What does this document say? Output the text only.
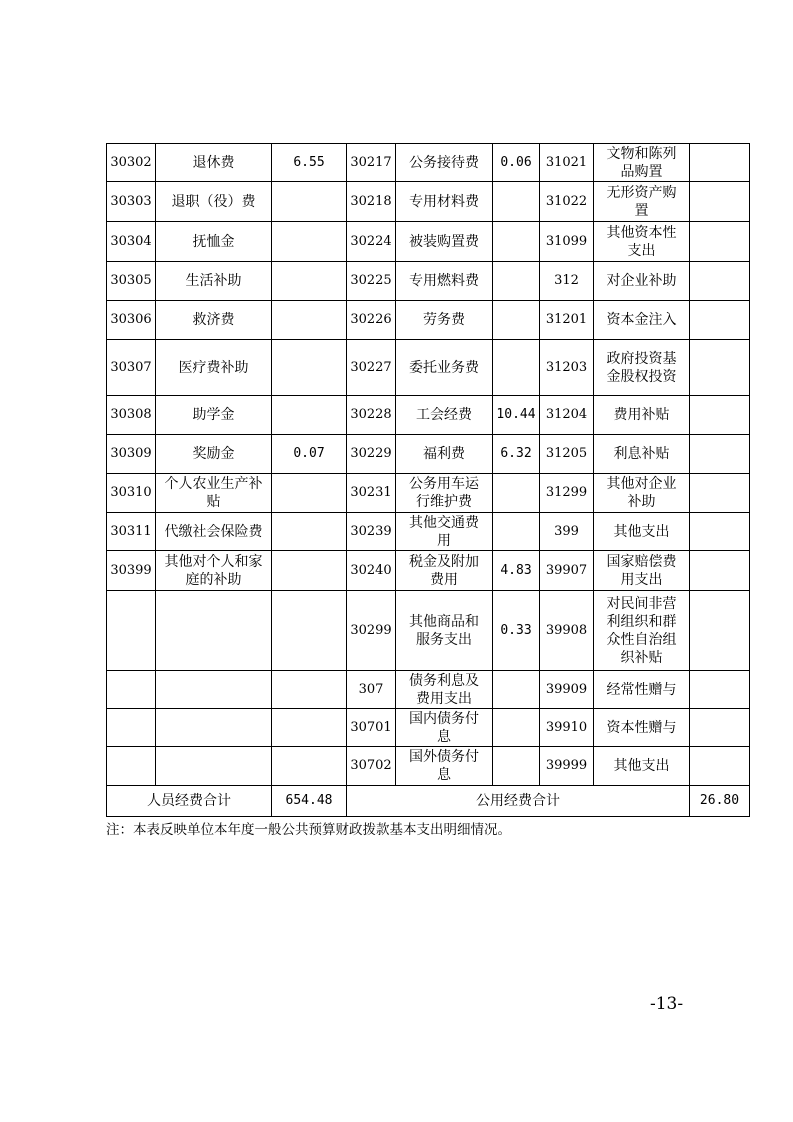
30302	退休费	6.55	30217	公务接待费	0.06	31021	文物和陈列品购置	
30303	退职（役）费		30218	专用材料费		31022	无形资产购置	
30304	抚恤金		30224	被装购置费		31099	其他资本性支出	
30305	生活补助		30225	专用燃料费		312	对企业补助	
30306	救济费		30226	劳务费		31201	资本金注入	
30307	医疗费补助		30227	委托业务费		31203	政府投资基金股权投资	
30308	助学金		30228	工会经费	10.44	31204	费用补贴	
30309	奖励金	0.07	30229	福利费	6.32	31205	利息补贴	
30310	个人农业生产补贴		30231	公务用车运行维护费		31299	其他对企业补助	
30311	代缴社会保险费		30239	其他交通费用		399	其他支出	
30399	其他对个人和家庭的补助		30240	税金及附加费用	4.83	39907	国家赔偿费用支出	
			30299	其他商品和服务支出	0.33	39908	对民间非营利组织和群众性自治组织补贴	
			307	债务利息及费用支出		39909	经常性赠与	
			30701	国内债务付息		39910	资本性赠与	
			30702	国外债务付息		39999	其他支出	
人员经费合计		654.48	公用经费合计					26.80
注：本表反映单位本年度一般公共预算财政拨款基本支出明细情况。
-13-
